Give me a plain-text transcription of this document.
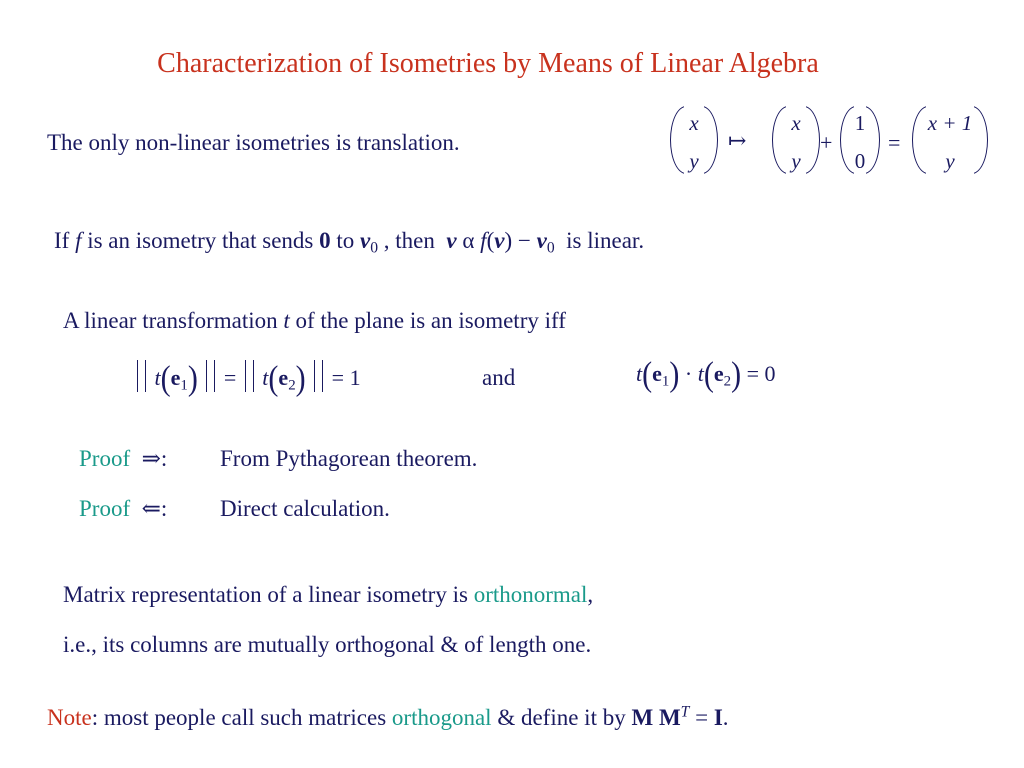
Characterization of Isometries by Means of Linear Algebra
The only non-linear isometries is translation.
x
y
↦
x
y
+
1
0
=
x + 1
y
If f is an isometry that sends 0 to $v_0$ , then v α $f(v) - v_0$ is linear.
A linear transformation t of the plane is an isometry iff
$t(e_1) = t(e_2) = 1$	and	$t(e_1) \cdot t(e_2) = 0$
Proof ⇒: From Pythagorean theorem.
Proof ⇐: Direct calculation.
Matrix representation of a linear isometry is orthonormal,
i.e., its columns are mutually orthogonal & of length one.
Note: most people call such matrices orthogonal & define it by M $M^T = I$.
